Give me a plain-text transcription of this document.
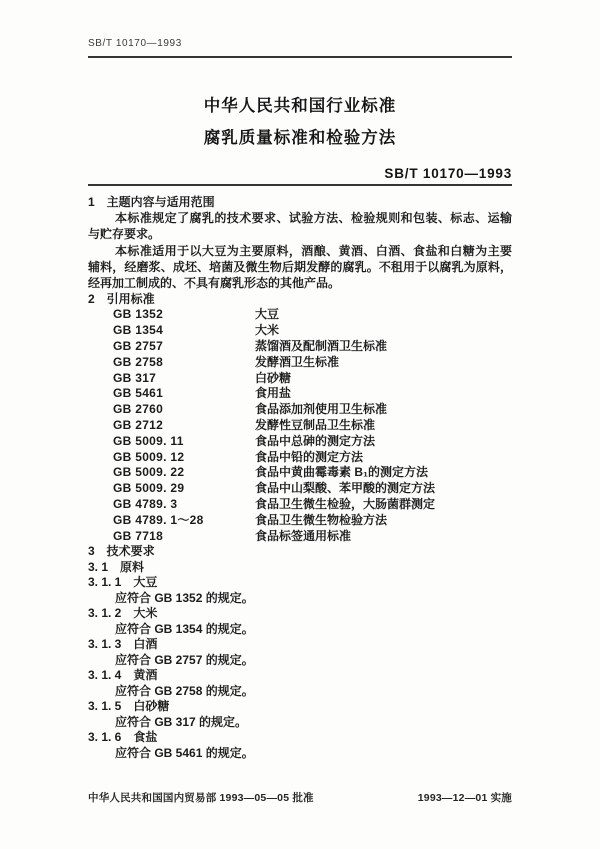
SB/T 10170—1993
中华人民共和国行业标准
腐乳质量标准和检验方法
SB/T 10170—1993
1　主题内容与适用范围
本标准规定了腐乳的技术要求、试验方法、检验规则和包装、标志、运输
与贮存要求。
本标准适用于以大豆为主要原料，酒酿、黄酒、白酒、食盐和白糖为主要
辅料，经磨浆、成坯、培菌及微生物后期发酵的腐乳。不租用于以腐乳为原料，
经再加工制成的、不具有腐乳形态的其他产品。
2　引用标准
GB 1352	大豆
GB 1354	大米
GB 2757	蒸馏酒及配制酒卫生标准
GB 2758	发酵酒卫生标准
GB 317	白砂糖
GB 5461	食用盐
GB 2760	食品添加剂使用卫生标准
GB 2712	发酵性豆制品卫生标准
GB 5009. 11	食品中总砷的测定方法
GB 5009. 12	食品中铅的测定方法
GB 5009. 22	食品中黄曲霉毒素 B₁的测定方法
GB 5009. 29	食品中山梨酸、苯甲酸的测定方法
GB 4789. 3	食品卫生微生检验，大肠菌群测定
GB 4789. 1～28	食品卫生微生物检验方法
GB 7718	食品标签通用标准
3　技术要求
3. 1　原料
3. 1. 1　大豆
应符合 GB 1352 的规定。
3. 1. 2　大米
应符合 GB 1354 的规定。
3. 1. 3　白酒
应符合 GB 2757 的规定。
3. 1. 4　黄酒
应符合 GB 2758 的规定。
3. 1. 5　白砂糖
应符合 GB 317 的规定。
3. 1. 6　食盐
应符合 GB 5461 的规定。
中华人民共和国国内贸易部 1993—05—05 批准	1993—12—01 实施
